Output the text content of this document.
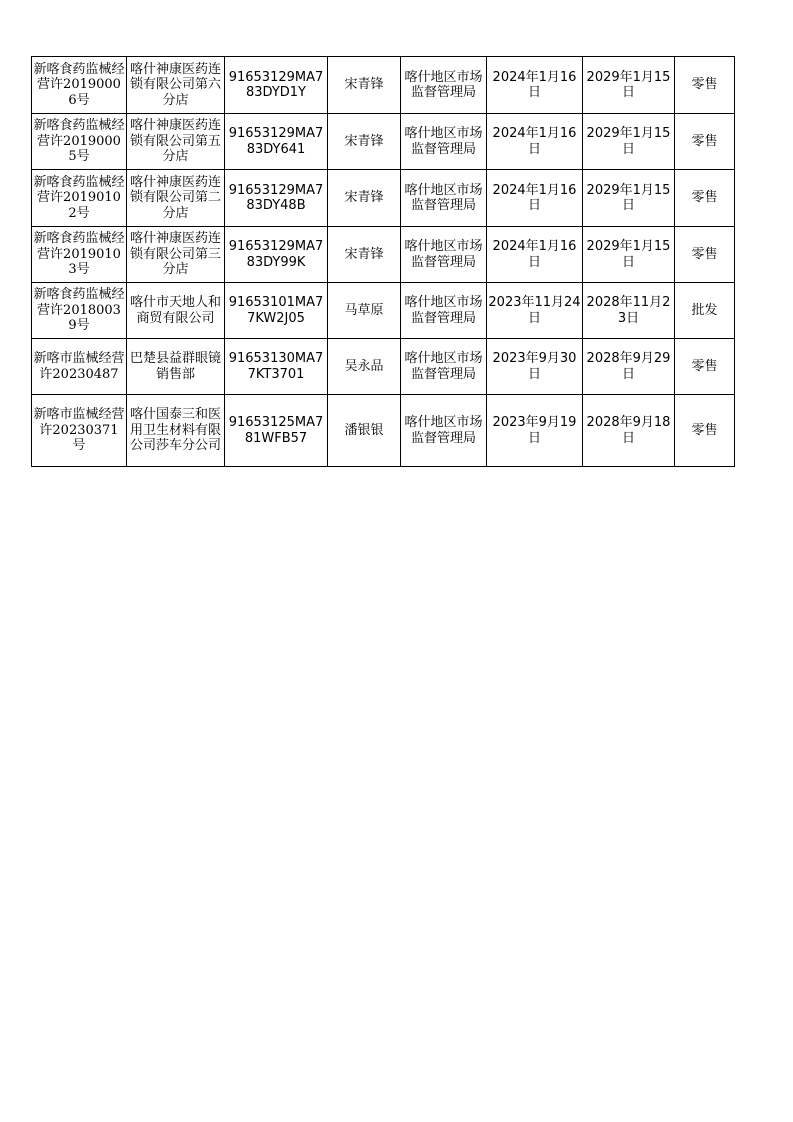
新喀食药监械经营许20190006号	喀什神康医药连锁有限公司第六分店	91653129MA783DYD1Y	宋青锋	喀什地区市场监督管理局	2024年1月16日	2029年1月15日	零售

新喀食药监械经营许20190005号	喀什神康医药连锁有限公司第五分店	91653129MA783DY641	宋青锋	喀什地区市场监督管理局	2024年1月16日	2029年1月15日	零售

新喀食药监械经营许20190102号	喀什神康医药连锁有限公司第二分店	91653129MA783DY48B	宋青锋	喀什地区市场监督管理局	2024年1月16日	2029年1月15日	零售

新喀食药监械经营许20190103号	喀什神康医药连锁有限公司第三分店	91653129MA783DY99K	宋青锋	喀什地区市场监督管理局	2024年1月16日	2029年1月15日	零售

新喀食药监械经营许20180039号	喀什市天地人和商贸有限公司	91653101MA77KW2J05	马草原	喀什地区市场监督管理局	2023年11月24日	2028年11月23日	批发

新喀市监械经营许20230487	巴楚县益群眼镜销售部	91653130MA77KT3701	吴永品	喀什地区市场监督管理局	2023年9月30日	2028年9月29日	零售

新喀市监械经营许20230371号	喀什国泰三和医用卫生材料有限公司莎车分公司	91653125MA781WFB57	潘银银	喀什地区市场监督管理局	2023年9月19日	2028年9月18日	零售
